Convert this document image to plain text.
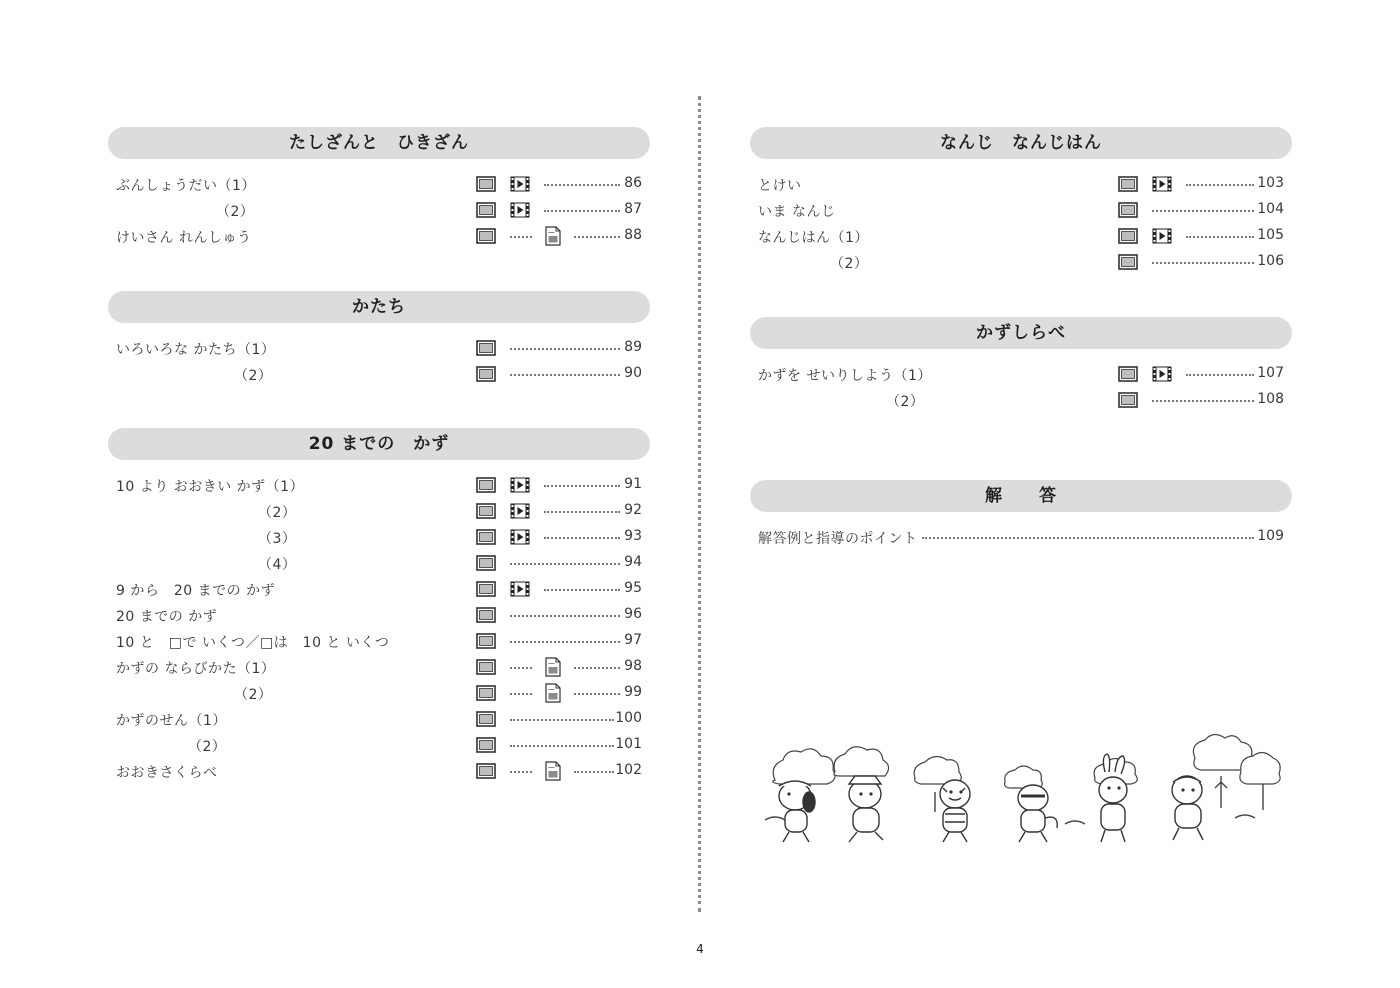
たしざんと　ひきざん
ぶんしょうだい（1）	86
（2）	87
けいさん れんしゅう	88
かたち
いろいろな かたち（1）	89
（2）	90
20 までの　かず
10 より おおきい かず（1）	91
（2）	92
（3）	93
（4）	94
9 から　20 までの かず	95
20 までの かず	96
10 と　□で いくつ／□は　10 と いくつ	97
かずの ならびかた（1）	98
（2）	99
かずのせん（1）	100
（2）	101
おおきさくらべ	102
なんじ　なんじはん
とけい	103
いま なんじ	104
なんじはん（1）	105
（2）	106
かずしらべ
かずを せいりしよう（1）	107
（2）	108
解　　答
解答例と指導のポイント	109
4
